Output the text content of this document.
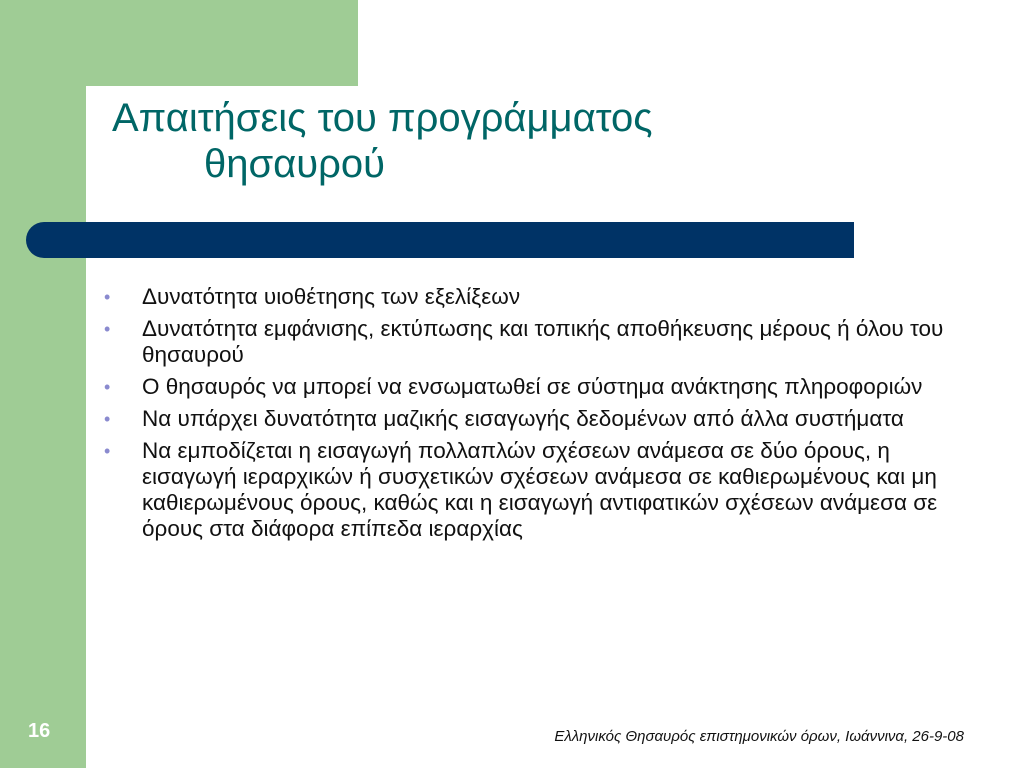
Απαιτήσεις του προγράμματος
θησαυρού
• Δυνατότητα υιοθέτησης των εξελίξεων
• Δυνατότητα εμφάνισης, εκτύπωσης και τοπικής αποθήκευσης μέρους ή όλου του θησαυρού
• Ο θησαυρός να μπορεί να ενσωματωθεί σε σύστημα ανάκτησης πληροφοριών
• Να υπάρχει δυνατότητα μαζικής εισαγωγής δεδομένων από άλλα συστήματα
• Να εμποδίζεται η εισαγωγή πολλαπλών σχέσεων ανάμεσα σε δύο όρους, η εισαγωγή ιεραρχικών ή συσχετικών σχέσεων ανάμεσα σε καθιερωμένους και μη καθιερωμένους όρους, καθώς και η εισαγωγή αντιφατικών σχέσεων ανάμεσα σε όρους στα διάφορα επίπεδα ιεραρχίας
16	Ελληνικός Θησαυρός επιστημονικών όρων, Ιωάννινα, 26-9-08
